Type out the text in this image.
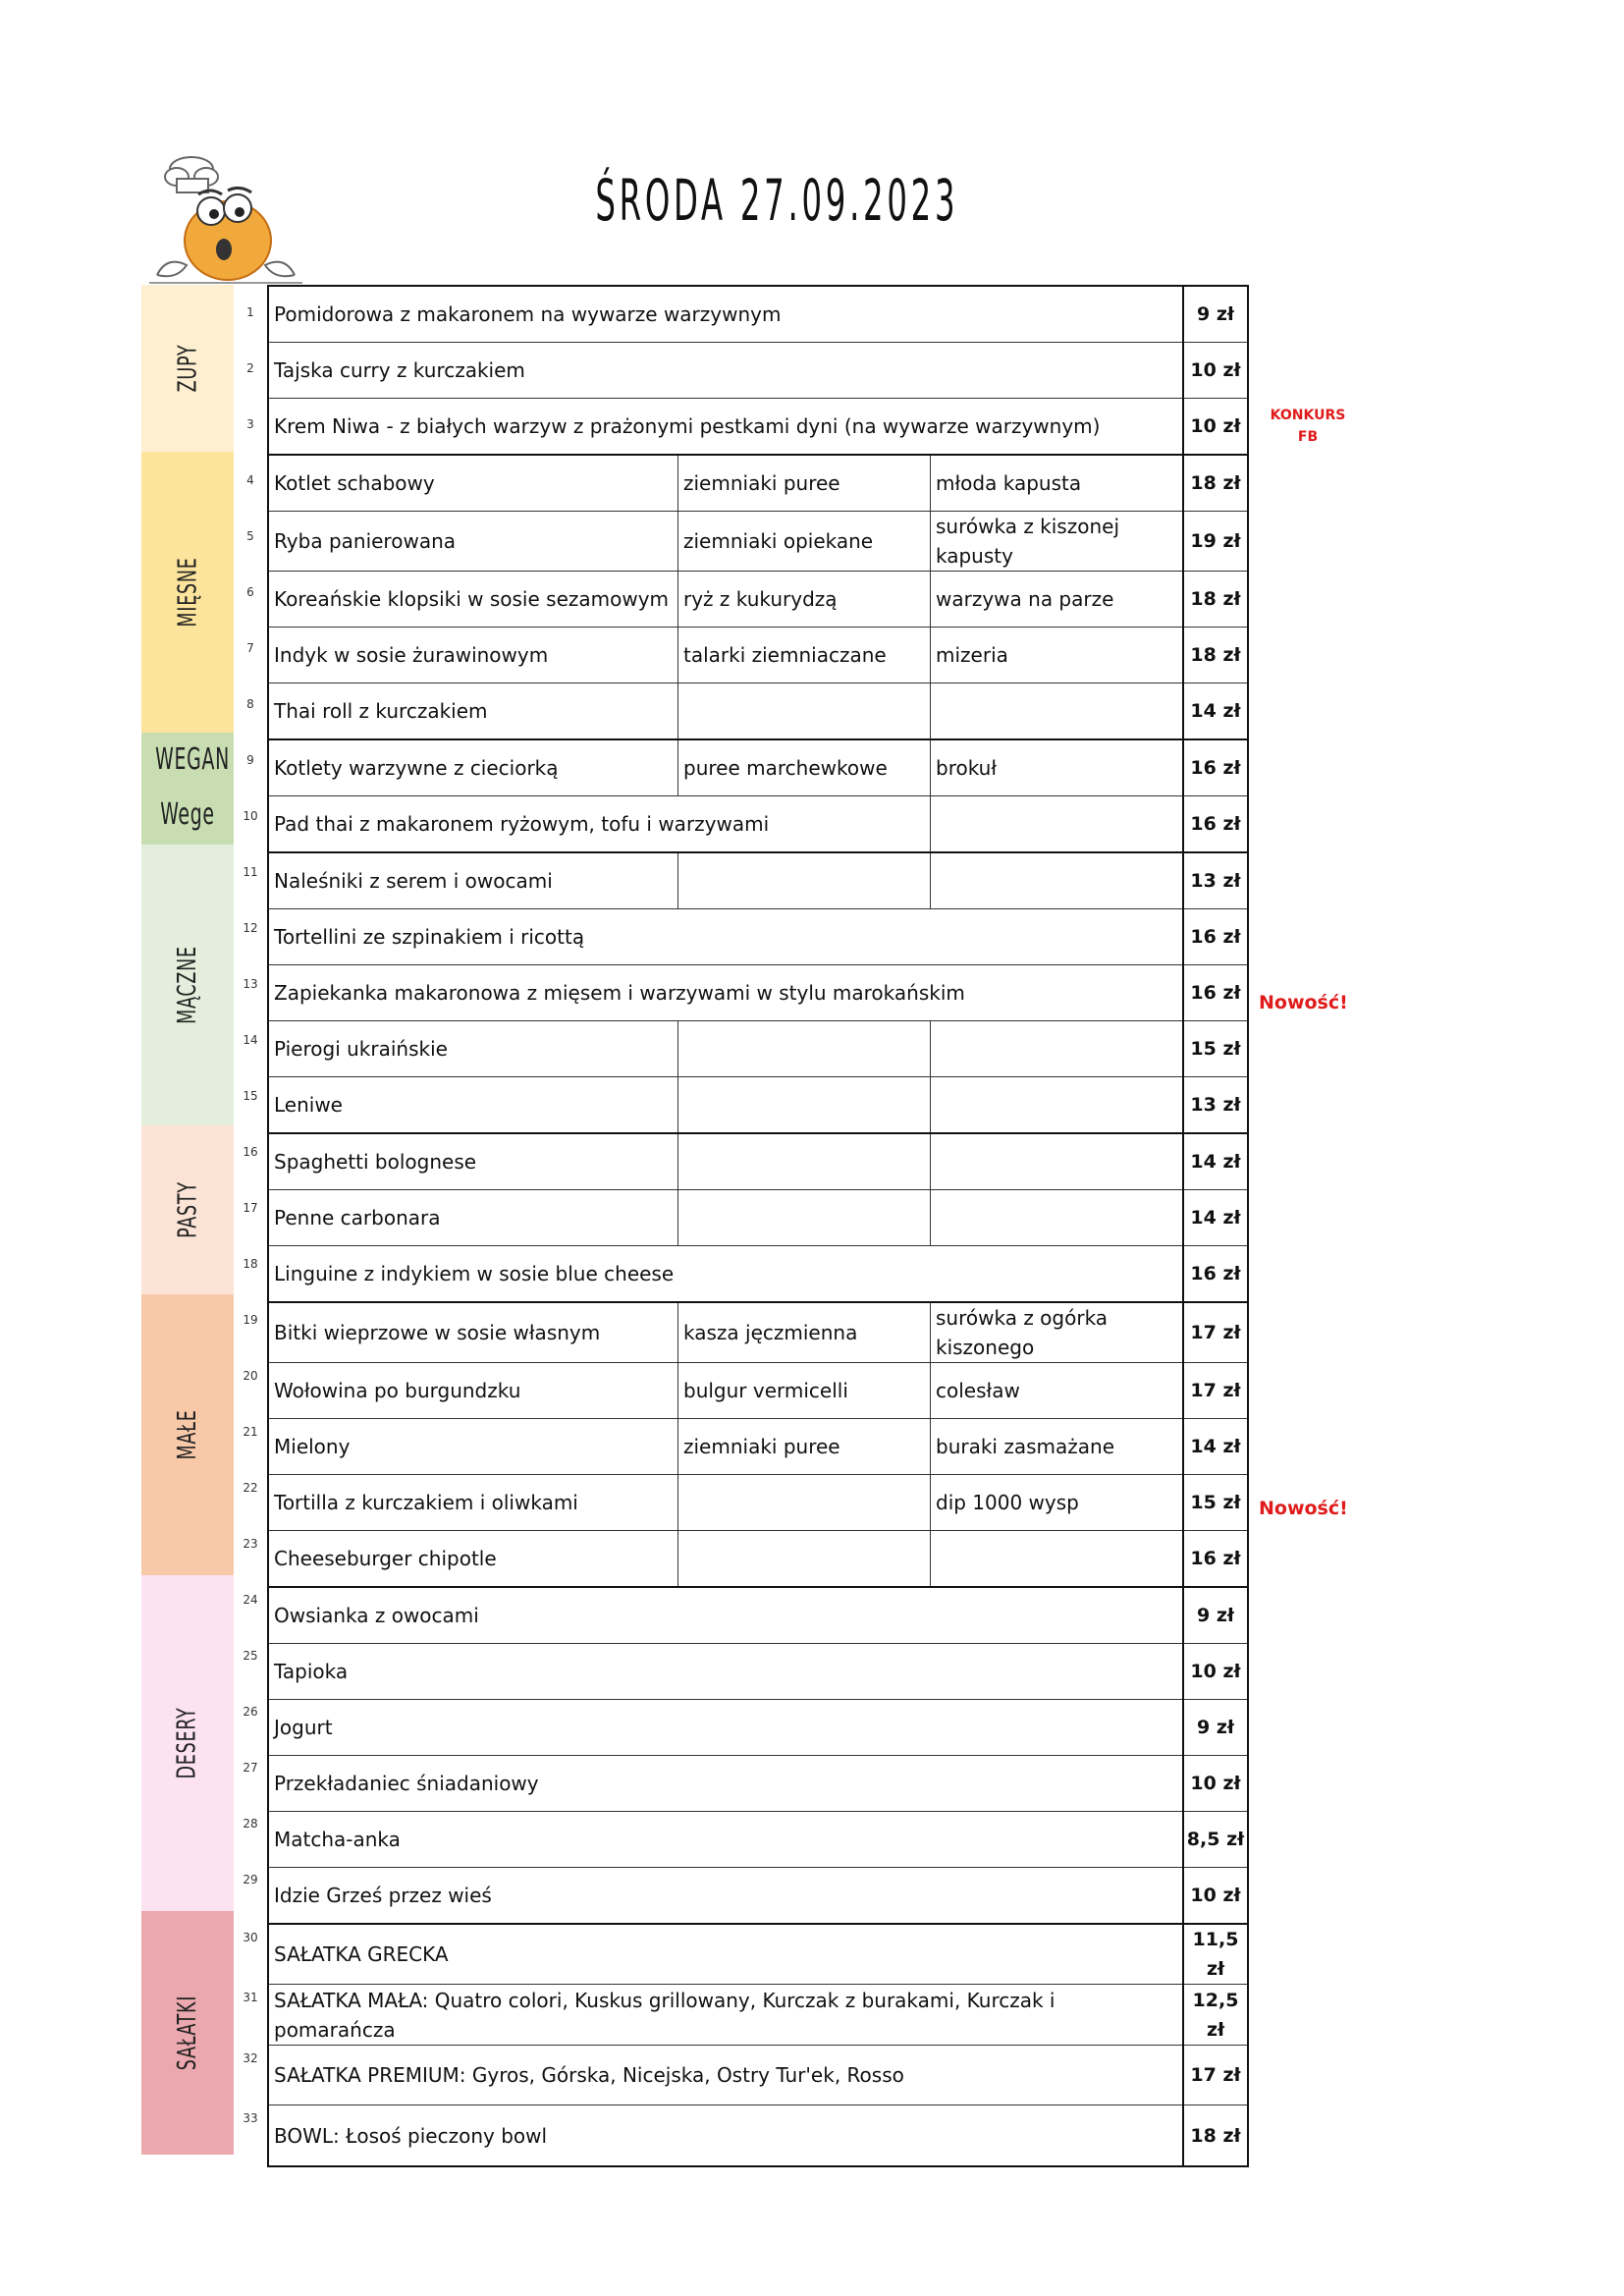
ŚRODA 27.09.2023
ZUPY
MIĘSNE
WEGAN
Wege
MĄCZNE
PASTY
MAŁE
DESERY
SAŁATKI
1
2
3
4
5
6
7
8
9
10
11
12
13
14
15
16
17
18
19
20
21
22
23
24
25
26
27
28
29
30
31
32
33
Pomidorowa z makaronem na wywarze warzywnym			9 zł
Tajska curry z kurczakiem			10 zł
Krem Niwa - z białych warzyw z prażonymi pestkami dyni (na wywarze warzywnym)			10 zł
Kotlet schabowy	ziemniaki puree	młoda kapusta	18 zł
Ryba panierowana	ziemniaki opiekane	surówka z kiszonej kapusty	19 zł
Koreańskie klopsiki w sosie sezamowym	ryż z kukurydzą	warzywa na parze	18 zł
Indyk w sosie żurawinowym	talarki ziemniaczane	mizeria	18 zł
Thai roll z kurczakiem			14 zł
Kotlety warzywne z cieciorką	puree marchewkowe	brokuł	16 zł
Pad thai z makaronem ryżowym, tofu i warzywami			16 zł
Naleśniki z serem i owocami			13 zł
Tortellini ze szpinakiem i ricottą			16 zł
Zapiekanka makaronowa z mięsem i warzywami w stylu marokańskim			16 zł
Pierogi ukraińskie			15 zł
Leniwe			13 zł
Spaghetti bolognese			14 zł
Penne carbonara			14 zł
Linguine z indykiem w sosie blue cheese			16 zł
Bitki wieprzowe w sosie własnym	kasza jęczmienna	surówka z ogórka kiszonego	17 zł
Wołowina po burgundzku	bulgur vermicelli	colesław	17 zł
Mielony	ziemniaki puree	buraki zasmażane	14 zł
Tortilla z kurczakiem i oliwkami		dip 1000 wysp	15 zł
Cheeseburger chipotle			16 zł
Owsianka z owocami			9 zł
Tapioka			10 zł
Jogurt			9 zł
Przekładaniec śniadaniowy			10 zł
Matcha-anka			8,5 zł
Idzie Grześ przez wieś			10 zł
SAŁATKA GRECKA			11,5 zł
SAŁATKA MAŁA: Quatro colori, Kuskus grillowany, Kurczak z burakami, Kurczak i pomarańcza			12,5 zł
SAŁATKA PREMIUM: Gyros, Górska, Nicejska, Ostry Tur'ek, Rosso			17 zł
BOWL: Łosoś pieczony bowl			18 zł
KONKURS
FB
Nowość!
Nowość!
